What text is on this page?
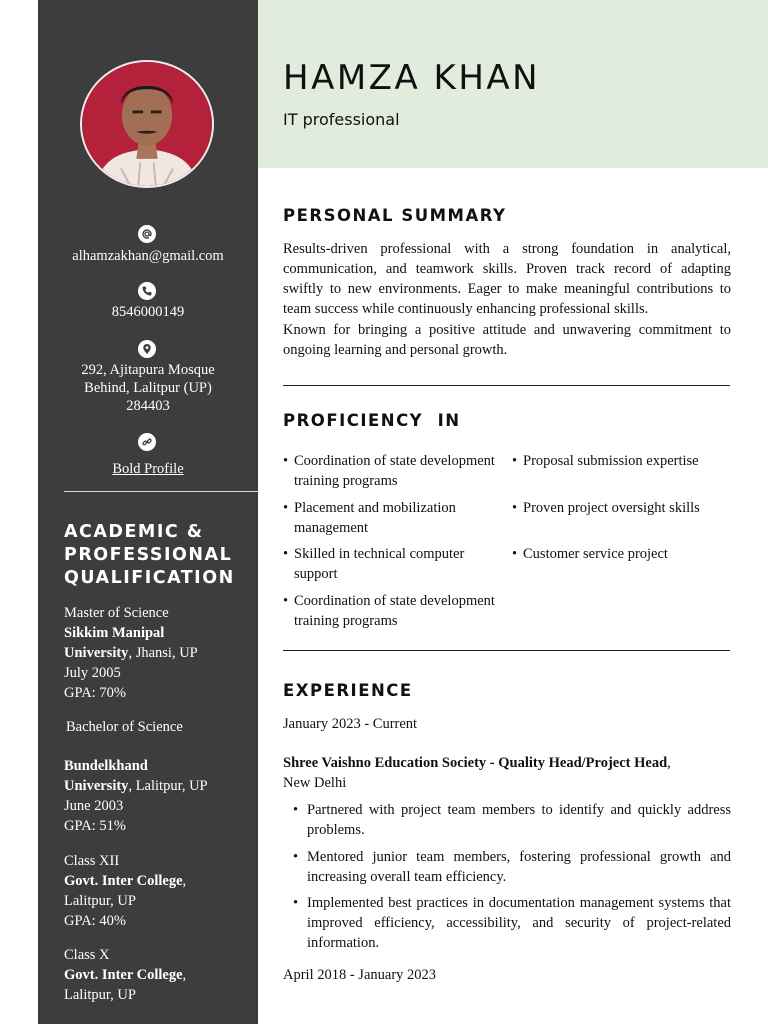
alhamzakhan@gmail.com
8546000149
292, Ajitapura Mosque
Behind, Lalitpur (UP)
284403
Bold Profile
ACADEMIC &
PROFESSIONAL
QUALIFICATION
Master of Science
Sikkim Manipal
University, Jhansi, UP
July 2005
GPA: 70%
Bachelor of Science
Bundelkhand
University, Lalitpur, UP
June 2003
GPA: 51%
Class XII
Govt. Inter College,
Lalitpur, UP
GPA: 40%
Class X
Govt. Inter College,
Lalitpur, UP
HAMZA KHAN
IT professional
PERSONAL SUMMARY

Results-driven professional with a strong foundation in analytical, communication, and teamwork skills. Proven track record of adapting swiftly to new environments. Eager to make meaningful contributions to team success while continuously enhancing professional skills.

Known for bringing a positive attitude and unwavering commitment to ongoing learning and personal growth.

PROFICIENCY  IN
• Coordination of state development training programs
• Placement and mobilization management
• Skilled in technical computer support
• Coordination of state development training programs
• Proposal submission expertise
• Proven project oversight skills
• Customer service project
EXPERIENCE
January 2023 - Current
Shree Vaishno Education Society - Quality Head/Project Head,
New Delhi
• Partnered with project team members to identify and quickly address problems.
• Mentored junior team members, fostering professional growth and increasing overall team efficiency.
• Implemented best practices in documentation management systems that improved efficiency, accessibility, and security of project-related information.
April 2018 - January 2023
